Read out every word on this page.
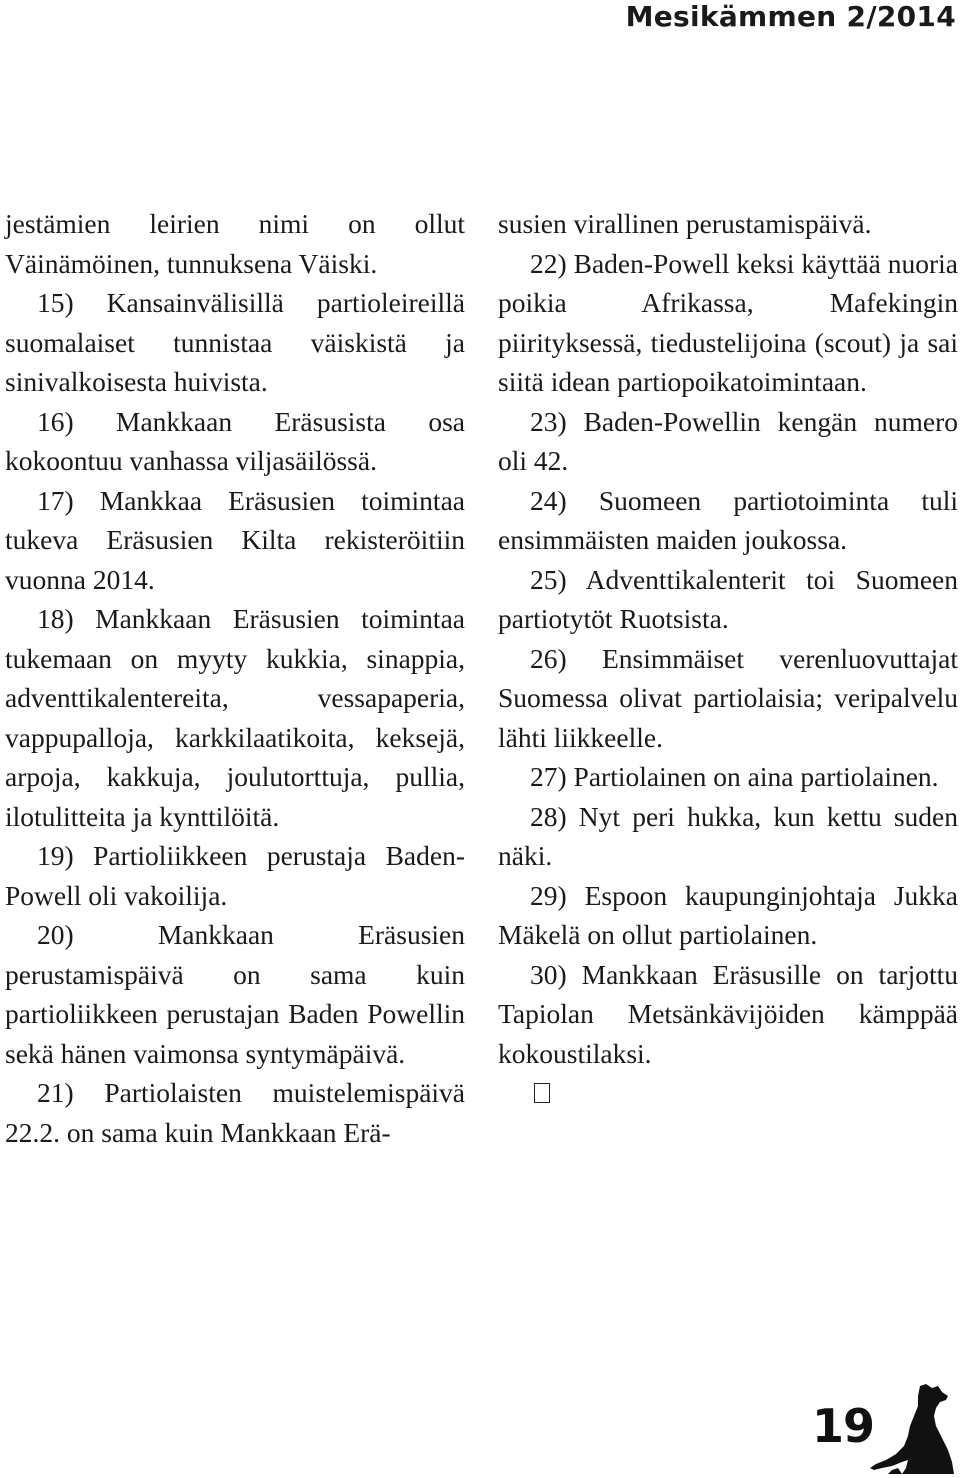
Mesikämmen 2/2014

jestämien leirien nimi on ollut Väinämöinen, tunnuksena Väiski.

15) Kansainvälisillä partioleireillä suomalaiset tunnistaa väiskistä ja sinivalkoisesta huivista.

16) Mankkaan Eräsusista osa kokoontuu vanhassa viljasäilössä.

17) Mankkaa Eräsusien toimintaa tukeva Eräsusien Kilta rekisteröitiin vuonna 2014.

18) Mankkaan Eräsusien toimintaa tukemaan on myyty kukkia, sinappia, adventtikalentereita, vessapaperia, vappupalloja, karkkilaatikoita, keksejä, arpoja, kakkuja, joulutorttuja, pullia, ilotulitteita ja kynttilöitä.

19) Partioliikkeen perustaja Baden-Powell oli vakoilija.

20) Mankkaan Eräsusien perustamispäivä on sama kuin partioliikkeen perustajan Baden Powellin sekä hänen vaimonsa syntymäpäivä.

21) Partiolaisten muistelemispäivä 22.2. on sama kuin Mankkaan Erä-

susien virallinen perustamispäivä.

22) Baden-Powell keksi käyttää nuoria poikia Afrikassa, Mafekingin piirityksessä, tiedustelijoina (scout) ja sai siitä idean partiopoikatoimintaan.

23) Baden-Powellin kengän numero oli 42.

24) Suomeen partiotoiminta tuli ensimmäisten maiden joukossa.

25) Adventtikalenterit toi Suomeen partiotytöt Ruotsista.

26) Ensimmäiset verenluovuttajat Suomessa olivat partiolaisia; veripalvelu lähti liikkeelle.

27) Partiolainen on aina partiolainen.

28) Nyt peri hukka, kun kettu suden näki.

29) Espoon kaupunginjohtaja Jukka Mäkelä on ollut partiolainen.

30) Mankkaan Eräsusille on tarjottu Tapiolan Metsänkävijöiden kämppää kokoustilaksi.

19
